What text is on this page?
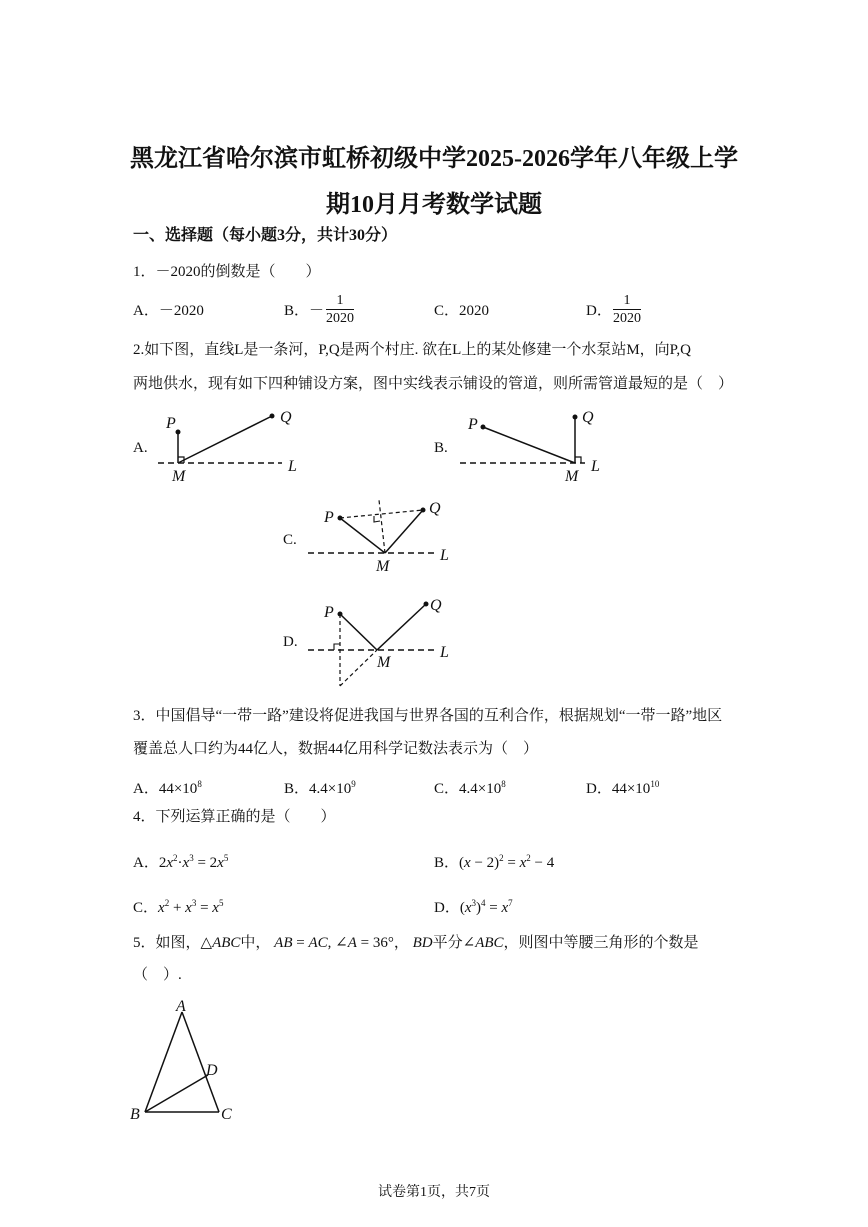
黑龙江省哈尔滨市虹桥初级中学2025-2026学年八年级上学
期10月月考数学试题
一、选择题（每小题3分，共计30分）
1．－2020的倒数是（　　）
A．－2020	B．－
1
2020	C．2020	D．
1
2020
2.如下图，直线L是一条河，P,Q是两个村庄. 欲在L上的某处修建一个水泵站M，向P,Q
两地供水，现有如下四种铺设方案，图中实线表示铺设的管道，则所需管道最短的是（　）
A.	B.
C.
D.
P	Q
M
L
P	Q
M
L
P
Q
M
L
P	Q
M
L
3．中国倡导“一带一路”建设将促进我国与世界各国的互利合作，根据规划“一带一路”地区
覆盖总人口约为44亿人，数据44亿用科学记数法表示为（　）
A．$44\times 10^8$	B．$4.4\times 10^9$	C．$4.4\times 10^8$	D．$44\times 10^{10}$
4．下列运算正确的是（　　）
A．$2x^2\cdot x^3 = 2x^5$	B．$(x - 2)^2 = x^2 - 4$
C．$x^2 + x^3 = x^5$	D．$(x^3)^4 = x^7$
5．如图，△ABC中， AB = AC, ∠A = 36°， BD平分∠ABC，则图中等腰三角形的个数是
（　）.
A
B	C
D
试卷第1页，共7页
